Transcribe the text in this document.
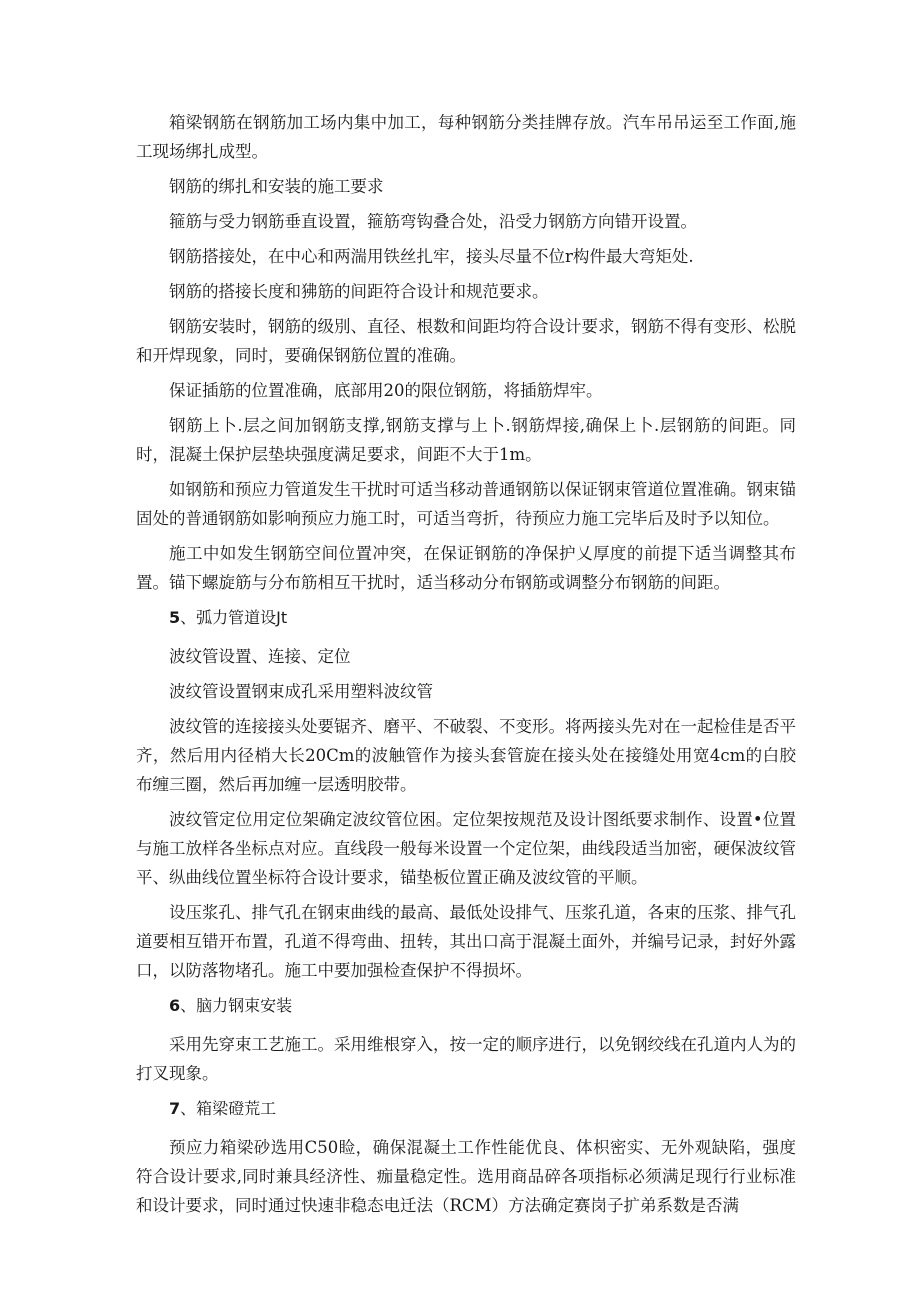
箱梁钢筋在钢筋加工场内集中加工，每种钢筋分类挂牌存放。汽车吊吊运至工作面,施工现场绑扎成型。

钢筋的绑扎和安装的施工要求

箍筋与受力钢筋垂直设置，箍筋弯钩叠合处，沿受力钢筋方向错开设置。

钢筋搭接处，在中心和两湍用铁丝扎牢，接头尽量不位r构件最大弯矩处.

钢筋的搭接长度和狒筋的间距符合设计和规范要求。

钢筋安装时，钢筋的级別、直径、根数和间距均符合设计要求，钢筋不得有变形、松脱和开焊现象，同时，要确保钢筋位置的准确。

保证插筋的位置准确，底部用20的限位钢筋，将插筋焊牢。

钢筋上卜.层之间加钢筋支撑,钢筋支撑与上卜.钢筋焊接,确保上卜.层钢筋的间距。同时，混凝土保护层垫块强度满足要求，间距不大于1m。

如钢筋和预应力管道发生干扰时可适当移动普通钢筋以保证钢束管道位置准确。钢束锚固处的普通钢筋如影响预应力施工时，可适当弯折，待预应力施工完毕后及时予以知位。

施工中如发生钢筋空间位置冲突，在保证钢筋的净保护乂厚度的前提下适当调整其布置。锚下螺旋筋与分布筋相互干扰时，适当移动分布钢筋或调整分布钢筋的间距。

5、弧力管道设Jt

波纹管设置、连接、定位

波纹管设置钢束成孔采用塑料波纹管

波纹管的连接接头处要锯齐、磨平、不破裂、不变形。将两接头先对在一起检佳是否平齐，然后用内径梢大长20Cm的波触管作为接头套管旋在接头处在接缝处用宽4cm的白胶布缠三圈，然后再加缠一层透明胶带。

波纹管定位用定位架确定波纹管位困。定位架按规范及设计图纸要求制作、设置•位置与施工放样各坐标点对应。直线段一般每米设置一个定位架，曲线段适当加密，硬保波纹管平、纵曲线位置坐标符合设计要求，锚垫板位置正确及波纹管的平顺。

设压浆孔、排气孔在钢束曲线的最高、最低处设排气、压浆孔道，各束的压浆、排气孔道要相互错开布置，孔道不得弯曲、扭转，其出口高于混凝土面外，并编号记录，封好外露口，以防落物堵孔。施工中要加强检查保护不得损坏。

6、脑力钢束安装

采用先穿束工艺施工。采用维根穿入，按一定的顺序进行，以免钢绞线在孔道内人为的打叉现象。

7、箱梁磴荒工

预应力箱梁砂选用C50睑，确保混凝土工作性能优良、体枳密实、无外观缺陷，强度符合设计要求,同时兼具经济性、痂量稳定性。选用商品碎各项指标必须满足现行行业标准和设计要求，同时通过快速非稳态电迁法（RCM）方法确定赛岗子扩弟系数是否满
